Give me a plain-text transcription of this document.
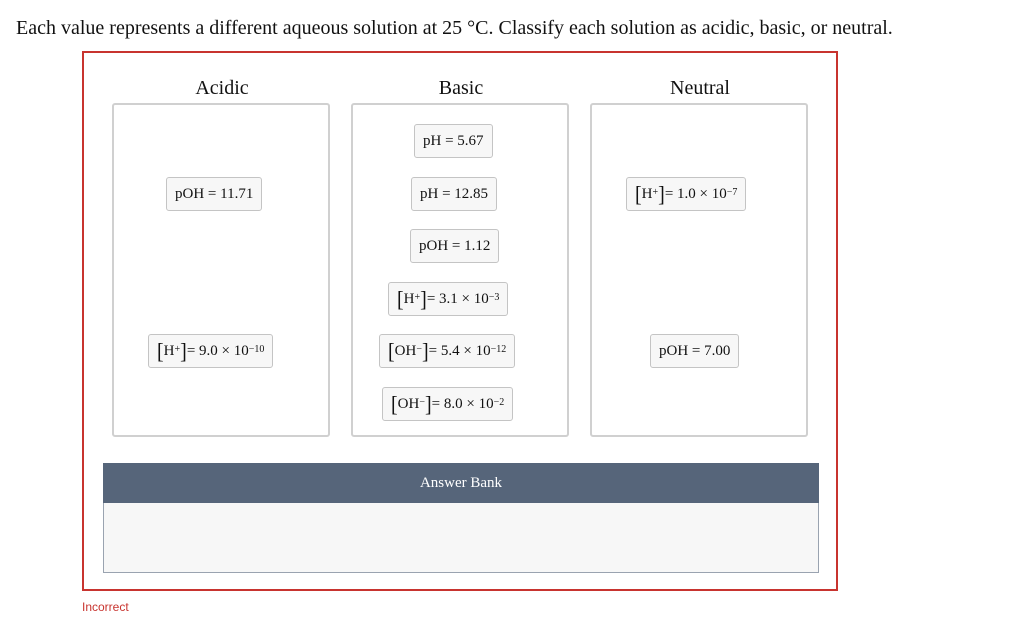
Each value represents a different aqueous solution at 25 °C. Classify each solution as acidic, basic, or neutral.
Acidic
pOH = 11.71
[ H+ ] = $9.0 \times 10^{-10}$
Basic
pH = 5.67
pH = 12.85
pOH = 1.12
[ H+ ] = $3.1 \times 10^{-3}$
[ OH− ] = $5.4 \times 10^{-12}$
[ OH− ] = $8.0 \times 10^{-2}$
Neutral
[ H+ ] = $1.0 \times 10^{-7}$
pOH = 7.00
Answer Bank
Incorrect
